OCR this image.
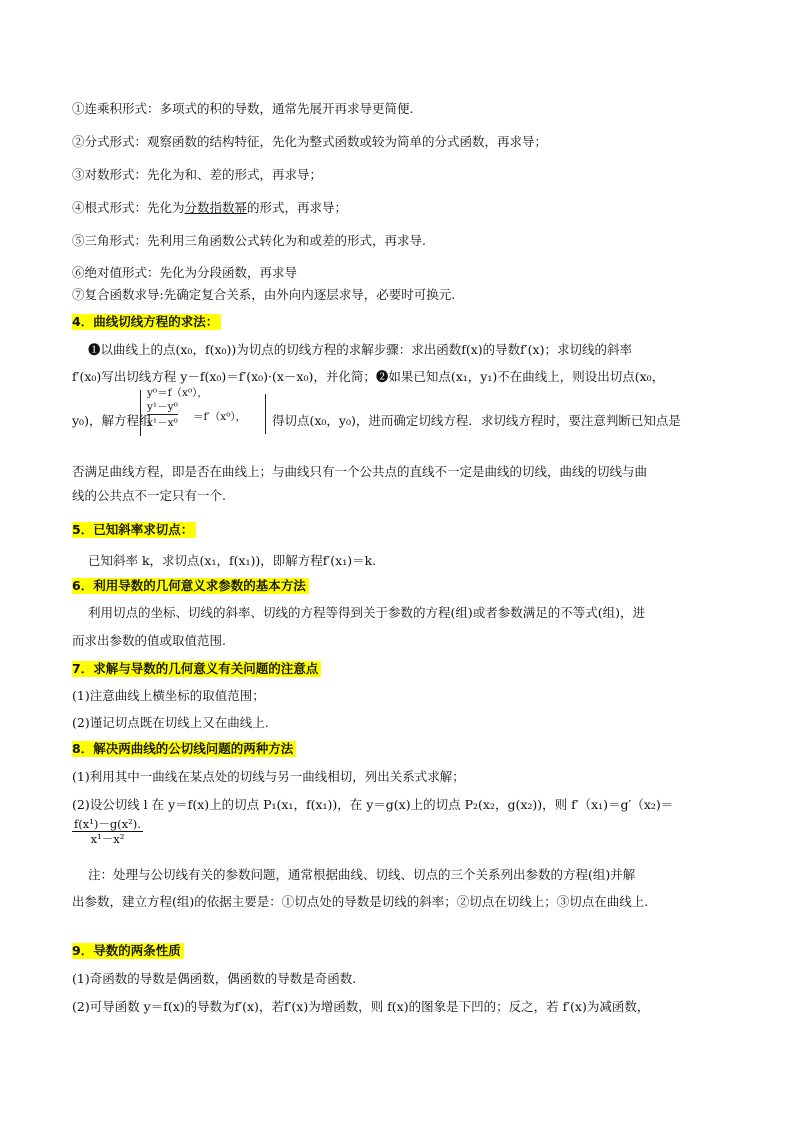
①连乘积形式：多项式的积的导数，通常先展开再求导更简便.
②分式形式：观察函数的结构特征，先化为整式函数或较为简单的分式函数，再求导；
③对数形式：先化为和、差的形式，再求导；
④根式形式：先化为分数指数幂的形式，再求导；
⑤三角形式：先利用三角函数公式转化为和或差的形式，再求导.
⑥绝对值形式：先化为分段函数，再求导
⑦复合函数求导:先确定复合关系，由外向内逐层求导，必要时可换元.
4．曲线切线方程的求法：
❶以曲线上的点(x₀，f(x₀))为切点的切线方程的求解步骤：求出函数f(x)的导数f′(x)；求切线的斜率
f′(x₀)写出切线方程 y－f(x₀)＝f′(x₀)·(x－x₀)，并化简；❷如果已知点(x₁，y₁)不在曲线上，则设出切点(x₀，
y₀)，解方程组
y⁰＝f（x⁰），
y¹－y⁰
＝f′（x⁰），
x¹－x⁰	得切点(x₀，y₀)，进而确定切线方程．求切线方程时，要注意判断已知点是
否满足曲线方程，即是否在曲线上；与曲线只有一个公共点的直线不一定是曲线的切线，曲线的切线与曲
线的公共点不一定只有一个.
5．已知斜率求切点：
已知斜率 k，求切点(x₁，f(x₁))，即解方程f′(x₁)＝k.
6．利用导数的几何意义求参数的基本方法
利用切点的坐标、切线的斜率、切线的方程等得到关于参数的方程(组)或者参数满足的不等式(组)，进
而求出参数的值或取值范围.
7．求解与导数的几何意义有关问题的注意点
(1)注意曲线上横坐标的取值范围；
(2)谨记切点既在切线上又在曲线上.
8．解决两曲线的公切线问题的两种方法
(1)利用其中一曲线在某点处的切线与另一曲线相切，列出关系式求解；
(2)设公切线 l 在 y＝f(x)上的切点 P₁(x₁，f(x₁))，在 y＝g(x)上的切点 P₂(x₂，g(x₂))，则 f′（x₁)＝g′（x₂)＝
$\frac{\text{f(x¹)－g(x²).}}{\text{x¹－x²}}$
注：处理与公切线有关的参数问题，通常根据曲线、切线、切点的三个关系列出参数的方程(组)并解
出参数，建立方程(组)的依据主要是：①切点处的导数是切线的斜率；②切点在切线上；③切点在曲线上.
9．导数的两条性质
(1)奇函数的导数是偶函数，偶函数的导数是奇函数.
(2)可导函数 y＝f(x)的导数为f′(x)，若f′(x)为增函数，则 f(x)的图象是下凹的；反之，若 f′(x)为减函数，
